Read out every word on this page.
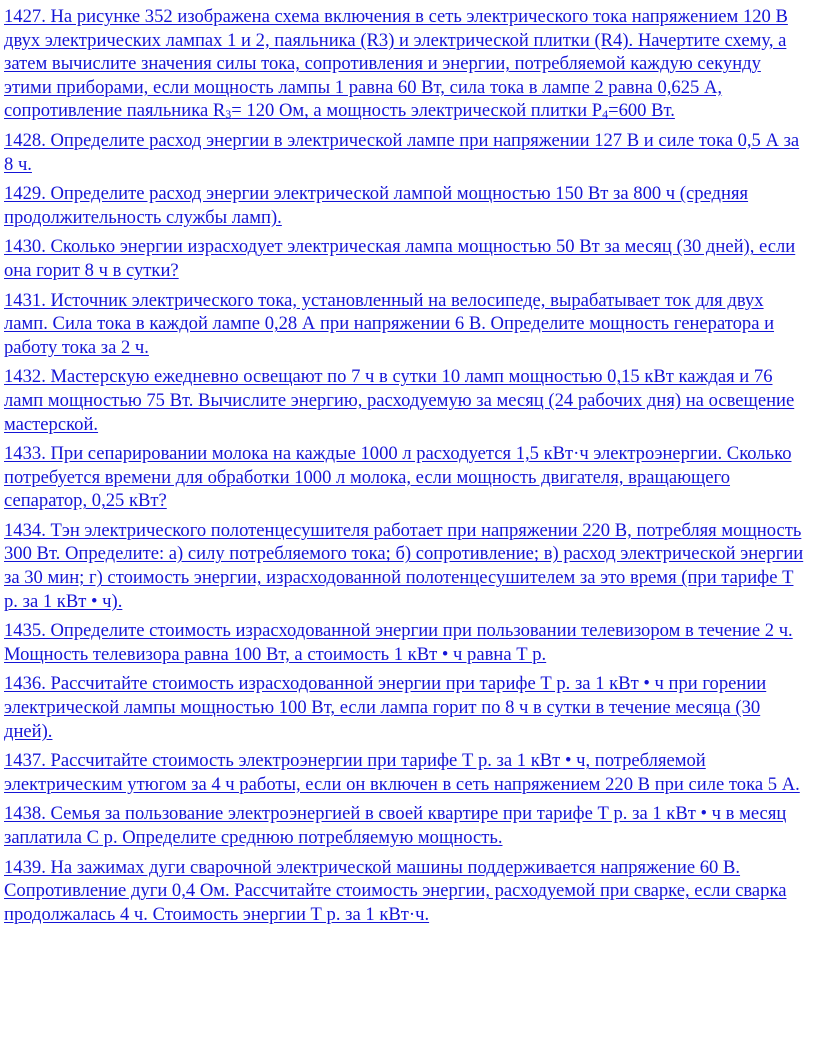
1427. На рисунке 352 изображена схема включения в сеть электрического тока напряжением 120 В двух электрических лампах 1 и 2, паяльника (R3) и электрической плитки (R4). Начертите схему, а затем вычислите значения силы тока, сопротивления и энергии, потребляемой каждую секунду этими приборами, если мощность лампы 1 равна 60 Вт, сила тока в лампе 2 равна 0,625 А, сопротивление паяльника $R_3= 120$ Ом, а мощность электрической плитки $P_4=600$ Вт.

1428. Определите расход энергии в электрической лампе при напряжении 127 В и силе тока 0,5 А за 8 ч.

1429. Определите расход энергии электрической лампой мощностью 150 Вт за 800 ч (средняя продолжительность службы ламп).

1430. Сколько энергии израсходует электрическая лампа мощностью 50 Вт за месяц (30 дней), если она горит 8 ч в сутки?

1431. Источник электрического тока, установленный на велосипеде, вырабатывает ток для двух ламп. Сила тока в каждой лампе 0,28 А при напряжении 6 В. Определите мощность генератора и работу тока за 2 ч.

1432. Мастерскую ежедневно освещают по 7 ч в сутки 10 ламп мощностью 0,15 кВт каждая и 76 ламп мощностью 75 Вт. Вычислите энергию, расходуемую за месяц (24 рабочих дня) на освещение мастерской.

1433. При сепарировании молока на каждые 1000 л расходуется 1,5 кВт·ч электроэнергии. Сколько потребуется времени для обработки 1000 л молока, если мощность двигателя, вращающего сепаратор, 0,25 кВт?

1434. Тэн электрического полотенцесушителя работает при напряжении 220 В, потребляя мощность 300 Вт. Определите: а) силу потребляемого тока; б) сопротивление; в) расход электрической энергии за 30 мин; г) стоимость энергии, израсходованной полотенцесушителем за это время (при тарифе Т р. за 1 кВт • ч).

1435. Определите стоимость израсходованной энергии при пользовании телевизором в течение 2 ч. Мощность телевизора равна 100 Вт, а стоимость 1 кВт • ч равна Т р.

1436. Рассчитайте стоимость израсходованной энергии при тарифе Т р. за 1 кВт • ч при горении электрической лампы мощностью 100 Вт, если лампа горит по 8 ч в сутки в течение месяца (30 дней).

1437. Рассчитайте стоимость электроэнергии при тарифе Т р. за 1 кВт • ч, потребляемой электрическим утюгом за 4 ч работы, если он включен в сеть напряжением 220 В при силе тока 5 А.

1438. Семья за пользование электроэнергией в своей квартире при тарифе Т р. за 1 кВт • ч в месяц заплатила С р. Определите среднюю потребляемую мощность.

1439. На зажимах дуги сварочной электрической машины поддерживается напряжение 60 В. Сопротивление дуги 0,4 Ом. Рассчитайте стоимость энергии, расходуемой при сварке, если сварка продолжалась 4 ч. Стоимость энергии Т р. за 1 кВт·ч.
